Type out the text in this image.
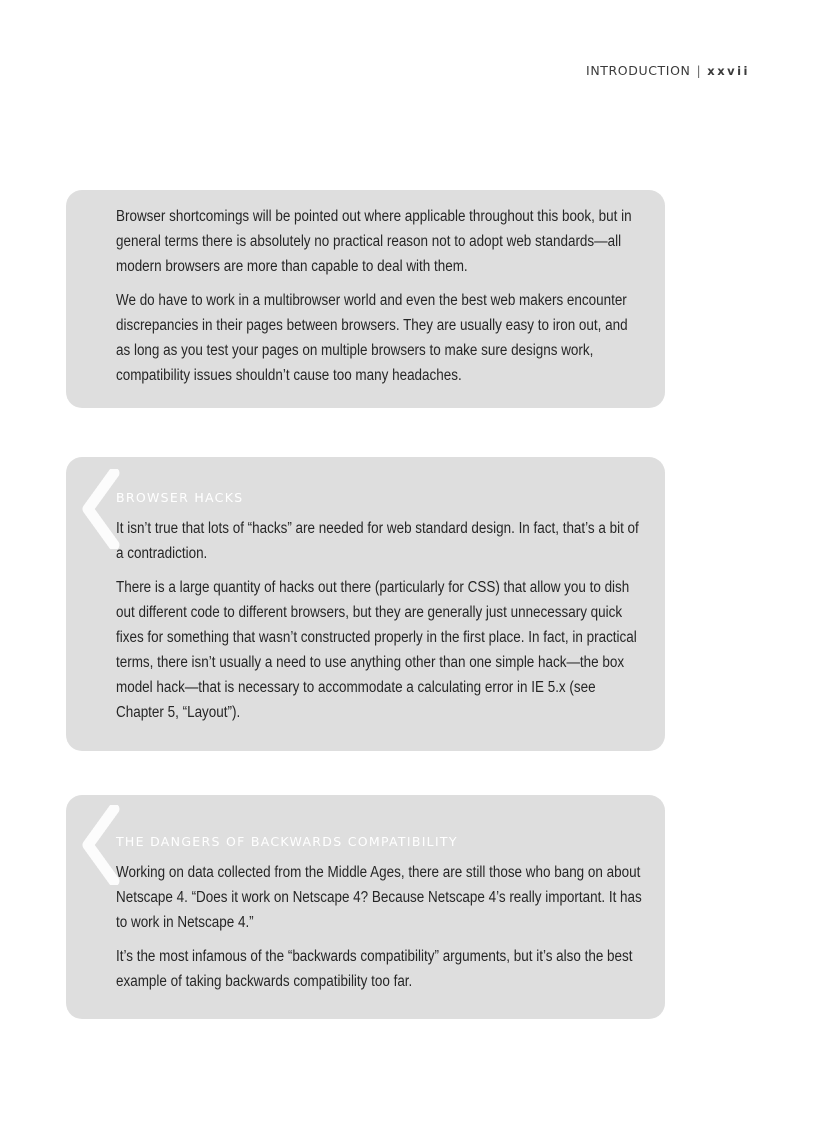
INTRODUCTION | xxvii

Browser shortcomings will be pointed out where applicable throughout this book, but in general terms there is absolutely no practical reason not to adopt web standards—all modern browsers are more than capable to deal with them.

We do have to work in a multibrowser world and even the best web makers encounter discrepancies in their pages between browsers. They are usually easy to iron out, and as long as you test your pages on multiple browsers to make sure designs work, compatibility issues shouldn’t cause too many headaches.

BROWSER HACKS

It isn’t true that lots of “hacks” are needed for web standard design. In fact, that’s a bit of a contradiction.

There is a large quantity of hacks out there (particularly for CSS) that allow you to dish out different code to different browsers, but they are generally just unnecessary quick fixes for something that wasn’t constructed properly in the first place. In fact, in practical terms, there isn’t usually a need to use anything other than one simple hack—the box model hack—that is necessary to accommodate a calculating error in IE 5.x (see Chapter 5, “Layout”).

THE DANGERS OF BACKWARDS COMPATIBILITY

Working on data collected from the Middle Ages, there are still those who bang on about Netscape 4. “Does it work on Netscape 4? Because Netscape 4’s really important. It has to work in Netscape 4.”

It’s the most infamous of the “backwards compatibility” arguments, but it’s also the best example of taking backwards compatibility too far.
